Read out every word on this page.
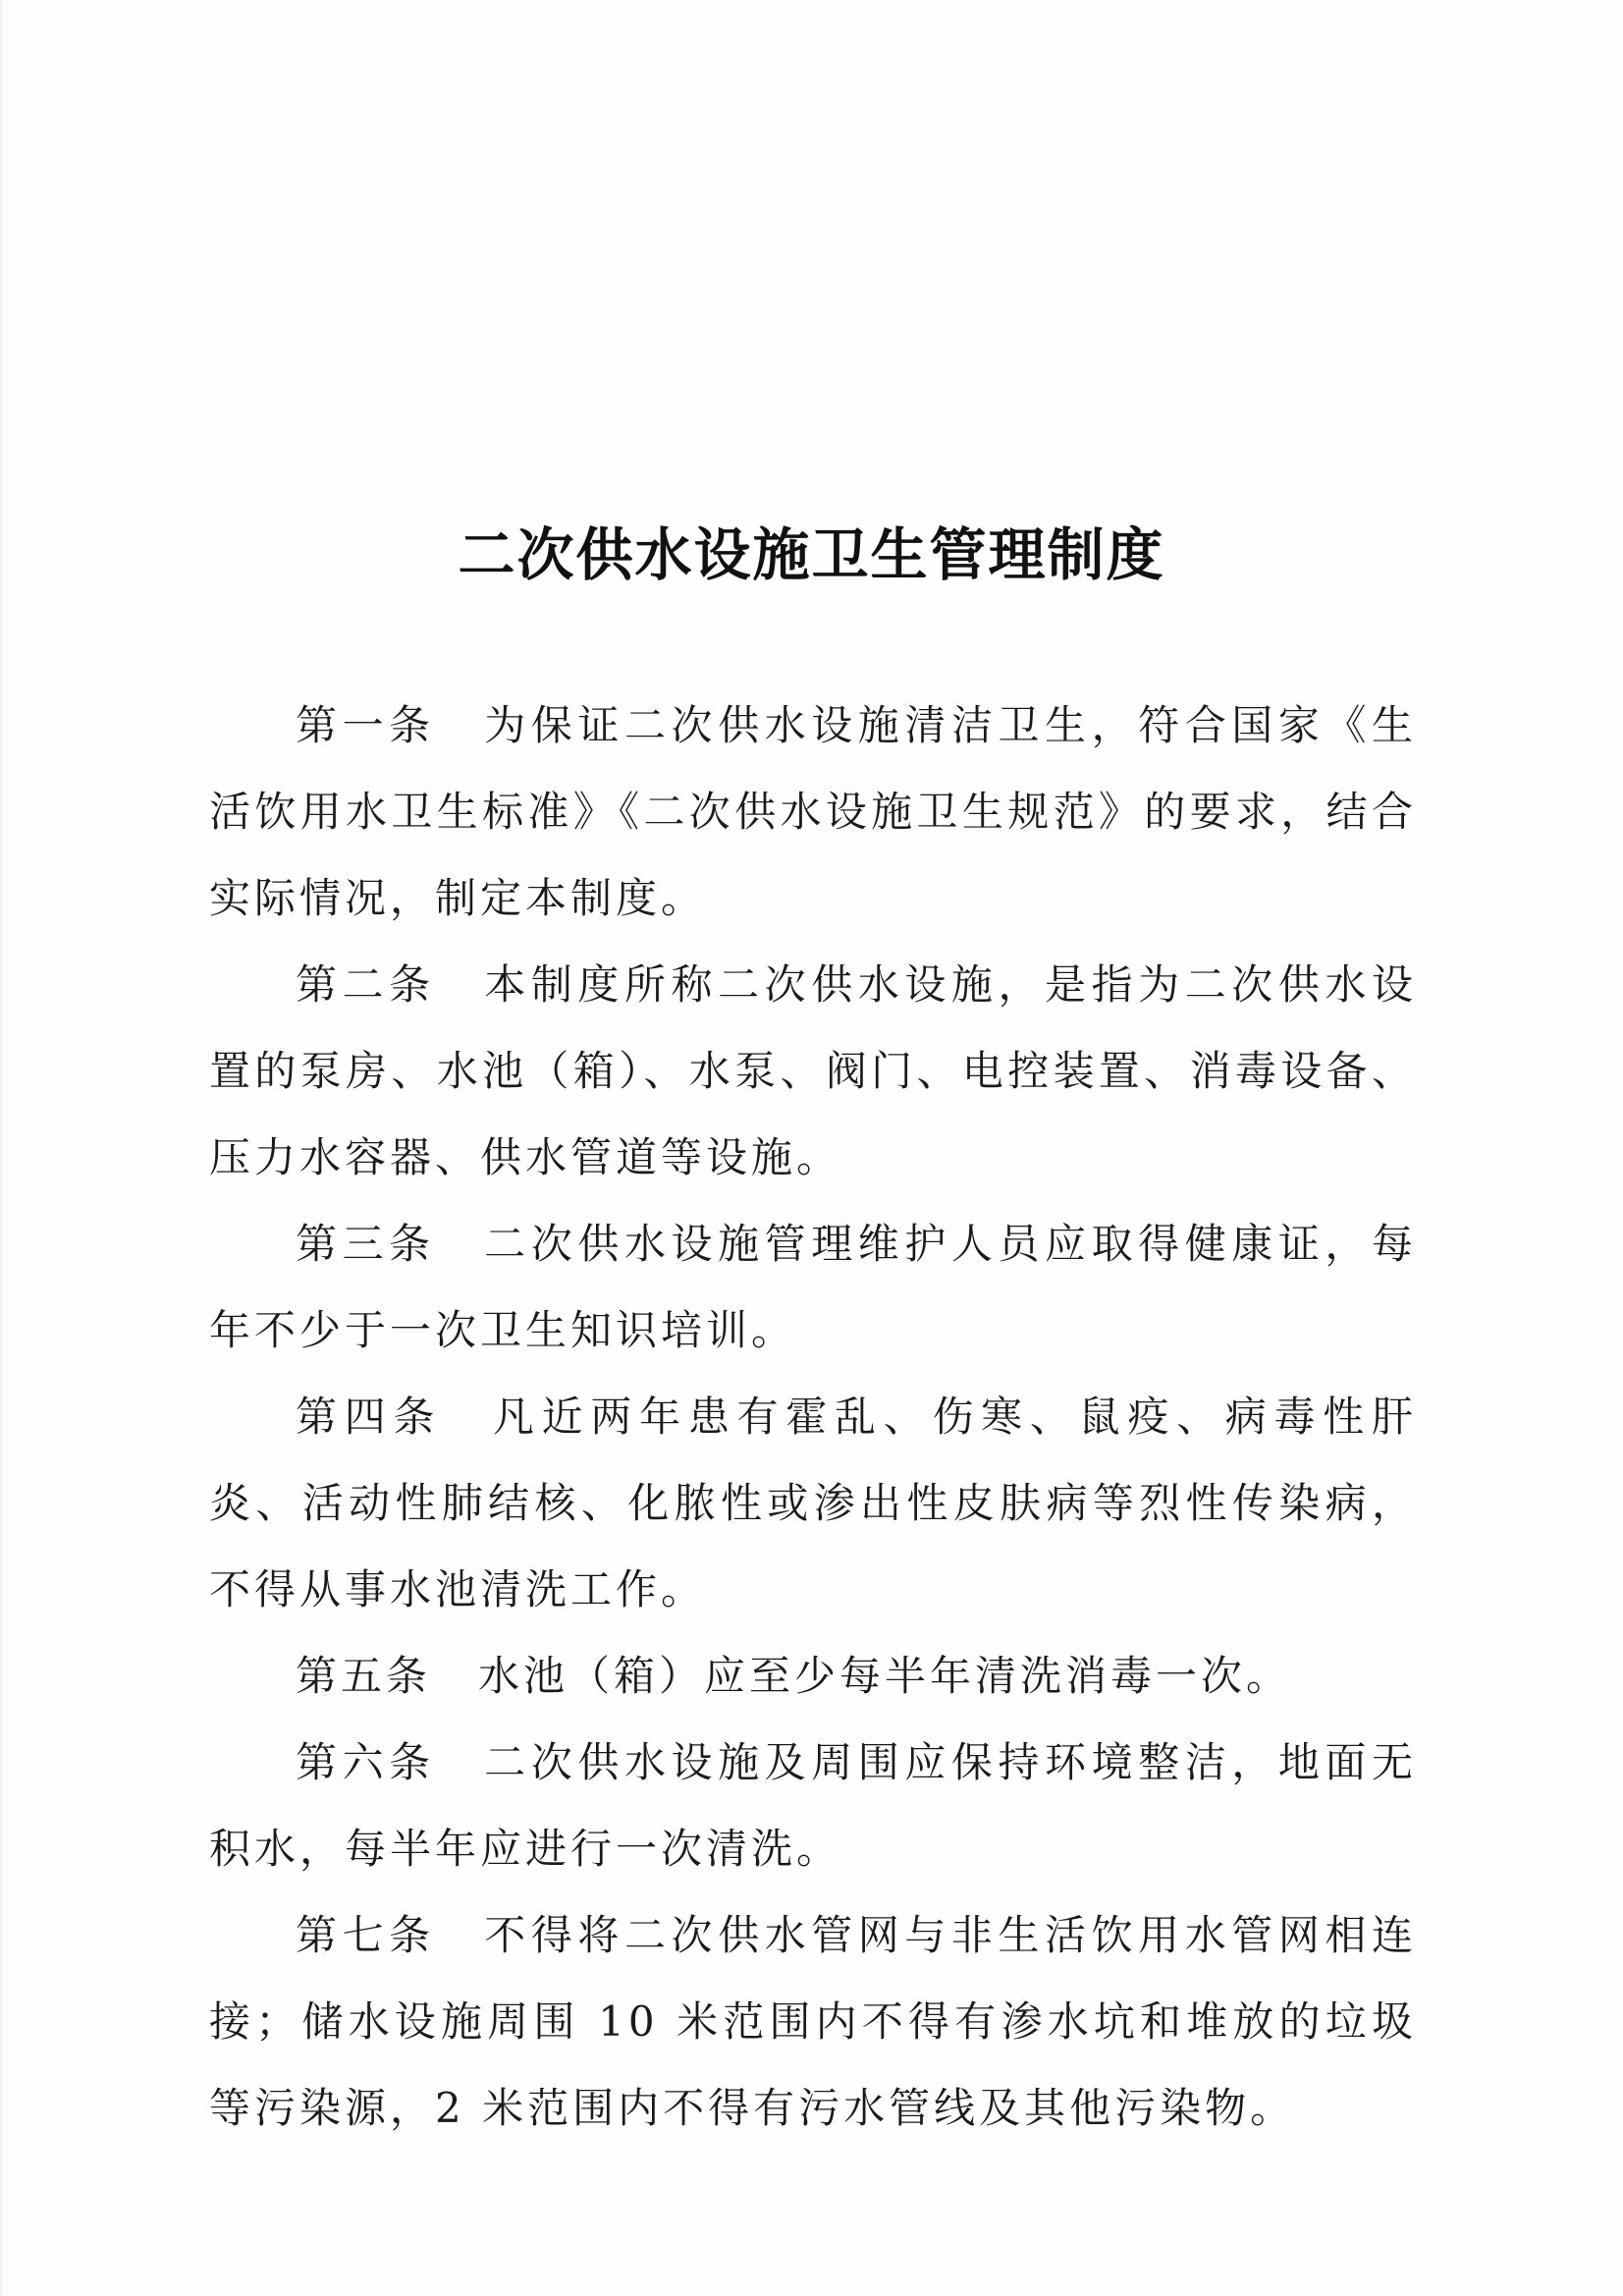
二次供水设施卫生管理制度

第一条 为保证二次供水设施清洁卫生，符合国家《生活饮用水卫生标准》《二次供水设施卫生规范》的要求，结合实际情况，制定本制度。

第二条 本制度所称二次供水设施，是指为二次供水设置的泵房、水池（箱）、水泵、阀门、电控装置、消毒设备、压力水容器、供水管道等设施。

第三条 二次供水设施管理维护人员应取得健康证，每年不少于一次卫生知识培训。

第四条 凡近两年患有霍乱、伤寒、鼠疫、病毒性肝炎、活动性肺结核、化脓性或渗出性皮肤病等烈性传染病，不得从事水池清洗工作。

第五条 水池（箱）应至少每半年清洗消毒一次。

第六条 二次供水设施及周围应保持环境整洁，地面无积水，每半年应进行一次清洗。

第七条 不得将二次供水管网与非生活饮用水管网相连接；储水设施周围 10 米范围内不得有渗水坑和堆放的垃圾等污染源，2 米范围内不得有污水管线及其他污染物。
